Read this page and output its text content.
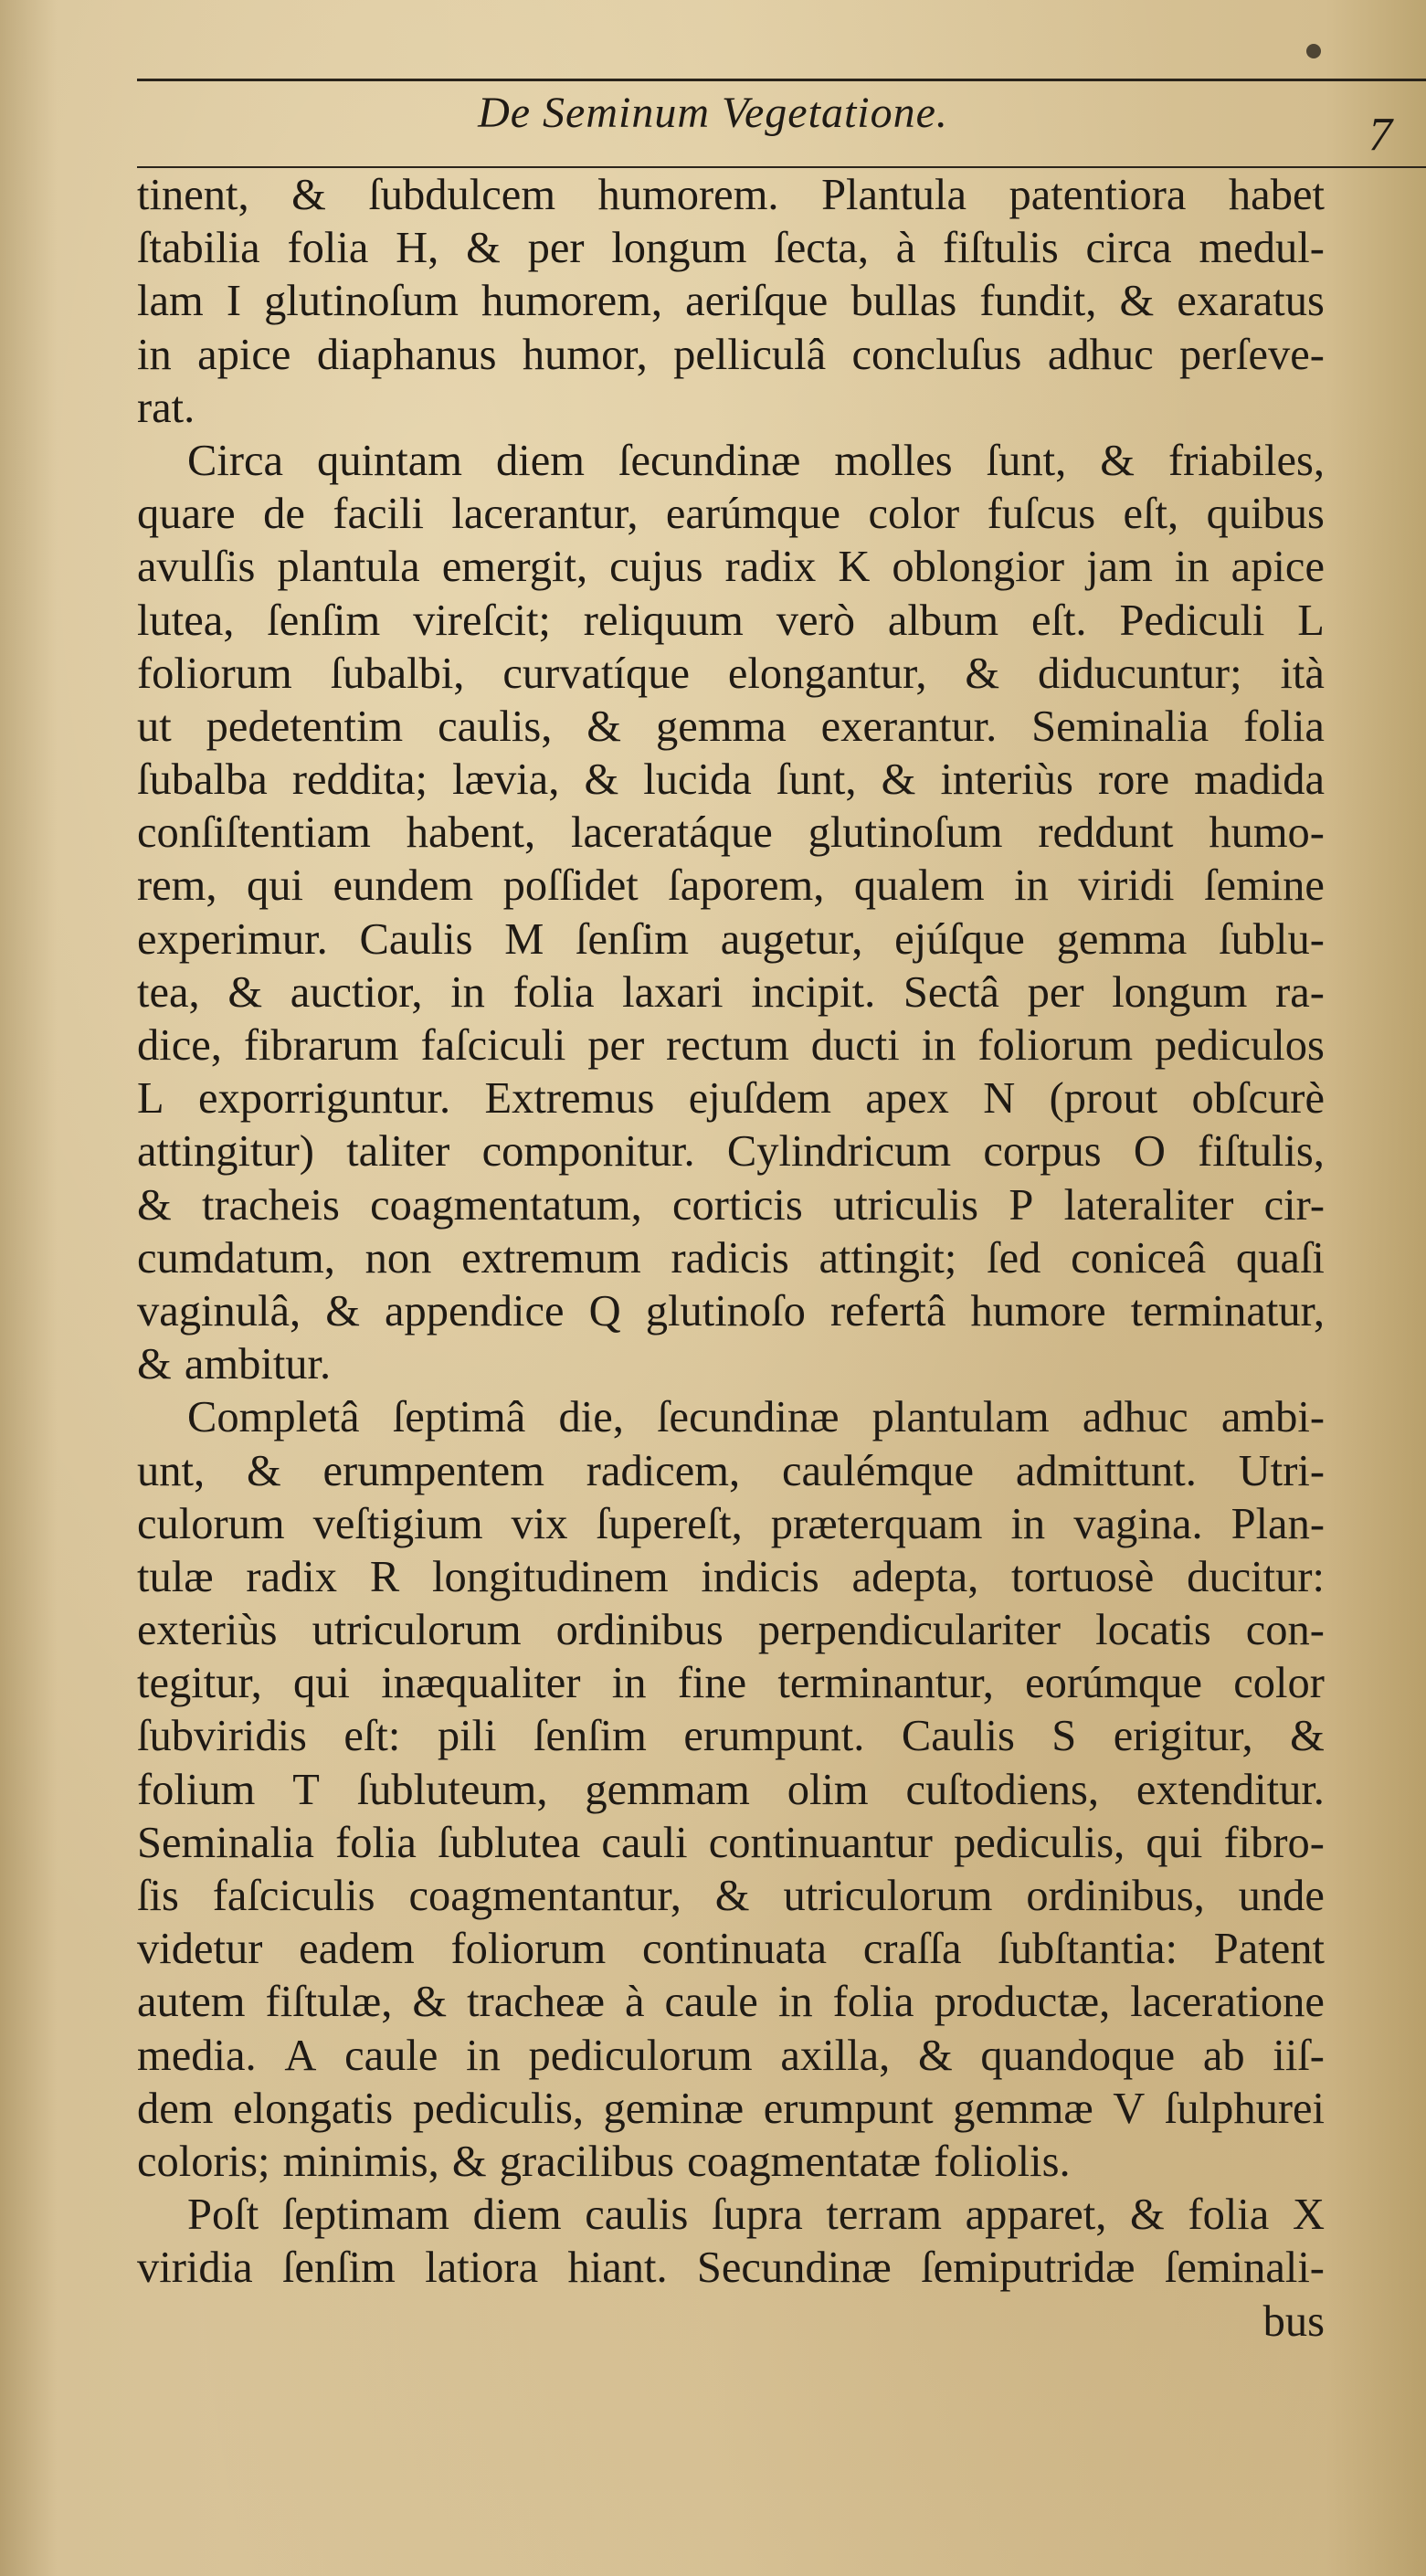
De Seminum Vegetatione.	7
tinent, & ſubdulcem humorem. Plantula patentiora habet
ſtabilia folia H, & per longum ſecta, à fiſtulis circa medul-
lam I glutinoſum humorem, aeriſque bullas fundit, & exaratus
in apice diaphanus humor, pelliculâ concluſus adhuc perſeve-
rat.
Circa quintam diem ſecundinæ molles ſunt, & friabiles,
quare de facili lacerantur, earúmque color fuſcus eſt, quibus
avulſis plantula emergit, cujus radix K oblongior jam in apice
lutea, ſenſim vireſcit; reliquum verò album eſt. Pediculi L
foliorum ſubalbi, curvatíque elongantur, & diducuntur; ità
ut pedetentim caulis, & gemma exerantur. Seminalia folia
ſubalba reddita; lævia, & lucida ſunt, & interiùs rore madida
conſiſtentiam habent, laceratáque glutinoſum reddunt humo-
rem, qui eundem poſſidet ſaporem, qualem in viridi ſemine
experimur. Caulis M ſenſim augetur, ejúſque gemma ſublu-
tea, & auctior, in folia laxari incipit. Sectâ per longum ra-
dice, fibrarum faſciculi per rectum ducti in foliorum pediculos
L exporriguntur. Extremus ejuſdem apex N (prout obſcurè
attingitur) taliter componitur. Cylindricum corpus O fiſtulis,
& tracheis coagmentatum, corticis utriculis P lateraliter cir-
cumdatum, non extremum radicis attingit; ſed coniceâ quaſi
vaginulâ, & appendice Q glutinoſo refertâ humore terminatur,
& ambitur.
Completâ ſeptimâ die, ſecundinæ plantulam adhuc ambi-
unt, & erumpentem radicem, caulémque admittunt. Utri-
culorum veſtigium vix ſupereſt, præterquam in vagina. Plan-
tulæ radix R longitudinem indicis adepta, tortuosè ducitur:
exteriùs utriculorum ordinibus perpendiculariter locatis con-
tegitur, qui inæqualiter in fine terminantur, eorúmque color
ſubviridis eſt: pili ſenſim erumpunt. Caulis S erigitur, &
folium T ſubluteum, gemmam olim cuſtodiens, extenditur.
Seminalia folia ſublutea cauli continuantur pediculis, qui fibro-
ſis faſciculis coagmentantur, & utriculorum ordinibus, unde
videtur eadem foliorum continuata craſſa ſubſtantia: Patent
autem fiſtulæ, & tracheæ à caule in folia productæ, laceratione
media. A caule in pediculorum axilla, & quandoque ab iiſ-
dem elongatis pediculis, geminæ erumpunt gemmæ V ſulphurei
coloris; minimis, & gracilibus coagmentatæ foliolis.
Poſt ſeptimam diem caulis ſupra terram apparet, & folia X
viridia ſenſim latiora hiant. Secundinæ ſemiputridæ ſeminali-
bus
